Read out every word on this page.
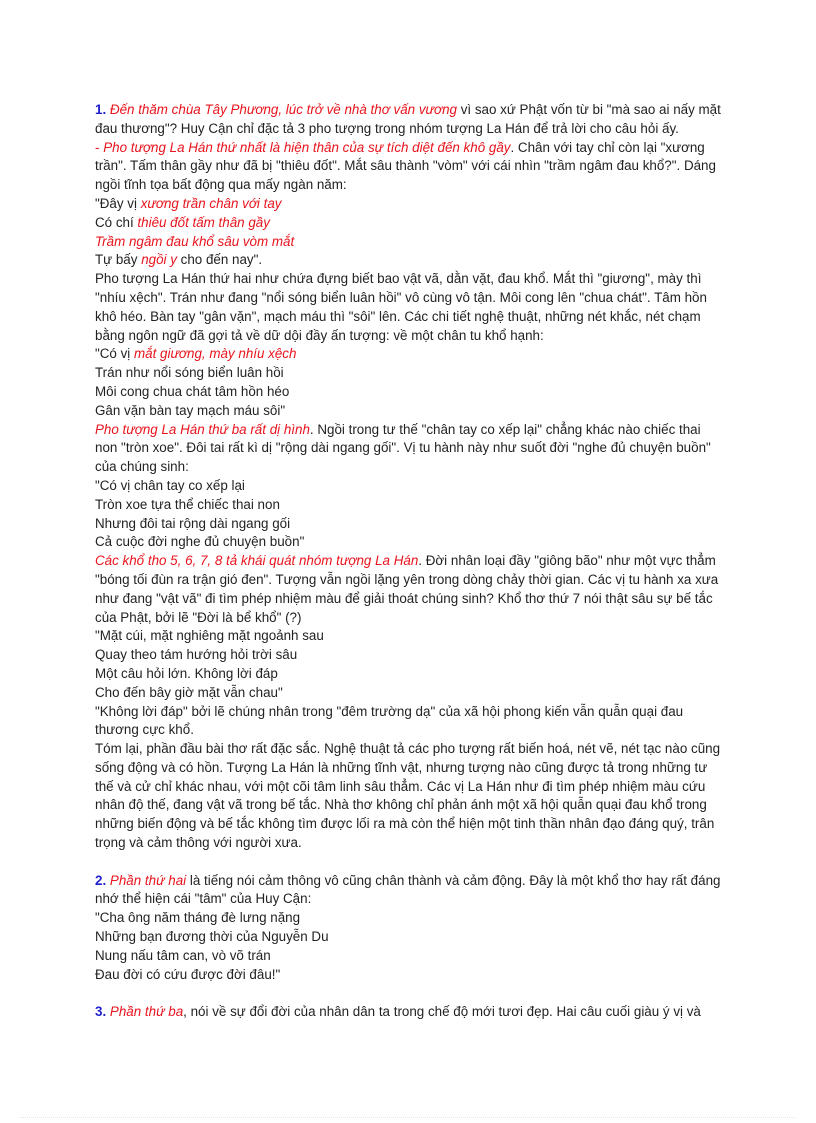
1. Đến thăm chùa Tây Phương, lúc trở về nhà thơ vấn vương vì sao xứ Phật vốn từ bi "mà sao ai nấy mặt
đau thương"? Huy Cận chỉ đặc tả 3 pho tượng trong nhóm tượng La Hán để trả lời cho câu hỏi ấy.
- Pho tượng La Hán thứ nhất là hiện thân của sự tích diệt đến khô gầy. Chân với tay chỉ còn lại "xương
trần". Tấm thân gầy như đã bị "thiêu đốt". Mắt sâu thành "vòm" với cái nhìn "trầm ngâm đau khổ?". Dáng
ngồi tĩnh tọa bất động qua mấy ngàn năm:
"Đây vị xương trần chân với tay
Có chí thiêu đốt tấm thân gầy
Trầm ngâm đau khổ sâu vòm mắt
Tự bấy ngồi y cho đến nay".
Pho tượng La Hán thứ hai như chứa đựng biết bao vật vã, dằn vặt, đau khổ. Mắt thì "giương", mày thì
"nhíu xệch". Trán như đang "nổi sóng biển luân hồi" vô cùng vô tận. Môi cong lên "chua chát". Tâm hồn
khô héo. Bàn tay "gân vặn", mạch máu thì "sôi" lên. Các chi tiết nghệ thuật, những nét khắc, nét chạm
bằng ngôn ngữ đã gợi tả về dữ dội đầy ấn tượng: về một chân tu khổ hạnh:
"Có vị mắt giương, mày nhíu xệch
Trán như nổi sóng biển luân hồi
Môi cong chua chát tâm hồn héo
Gân vặn bàn tay mạch máu sôi"
Pho tượng La Hán thứ ba rất dị hình. Ngồi trong tư thế "chân tay co xếp lại" chẳng khác nào chiếc thai
non "tròn xoe". Đôi tai rất kì dị "rộng dài ngang gối". Vị tu hành này như suốt đời "nghe đủ chuyện buồn"
của chúng sinh:
"Có vị chân tay co xếp lại
Tròn xoe tựa thể chiếc thai non
Nhưng đôi tai rộng dài ngang gối
Cả cuộc đời nghe đủ chuyện buồn"
Các khổ tho 5, 6, 7, 8 tả khái quát nhóm tượng La Hán. Đời nhân loại đầy "giông bão" như một vực thẳm
"bóng tối đùn ra trận gió đen". Tượng vẫn ngồi lặng yên trong dòng chảy thời gian. Các vị tu hành xa xưa
như đang "vật vã" đi tìm phép nhiệm màu để giải thoát chúng sinh? Khổ thơ thứ 7 nói thật sâu sự bế tắc
của Phật, bởi lẽ "Đời là bể khổ" (?)
"Mặt cúi, mặt nghiêng mặt ngoảnh sau
Quay theo tám hướng hỏi trời sâu
Một câu hỏi lớn. Không lời đáp
Cho đến bây giờ mặt vẫn chau"
"Không lời đáp" bởi lẽ chúng nhân trong "đêm trường dạ" của xã hội phong kiến vẫn quẫn quại đau
thương cực khổ.
Tóm lại, phần đầu bài thơ rất đặc sắc. Nghệ thuật tả các pho tượng rất biến hoá, nét vẽ, nét tạc nào cũng
sống động và có hồn. Tượng La Hán là những tĩnh vật, nhưng tượng nào cũng được tả trong những tư
thế và cử chỉ khác nhau, với một cõi tâm linh sâu thẳm. Các vị La Hán như đi tìm phép nhiệm màu cứu
nhân độ thế, đang vật vã trong bế tắc. Nhà thơ không chỉ phản ánh một xã hội quẫn quại đau khổ trong
những biến động và bế tắc không tìm được lối ra mà còn thể hiện một tinh thần nhân đạo đáng quý, trân
trọng và cảm thông với người xưa.
2. Phần thứ hai là tiếng nói cảm thông vô cũng chân thành và cảm động. Đây là một khổ thơ hay rất đáng
nhớ thể hiện cái "tâm" của Huy Cận:
"Cha ông năm tháng đè lưng nặng
Những bạn đương thời của Nguyễn Du
Nung nấu tâm can, vò võ trán
Đau đời có cứu được đời đâu!"
3. Phần thứ ba, nói về sự đổi đời của nhân dân ta trong chế độ mới tươi đẹp. Hai câu cuối giàu ý vị và
